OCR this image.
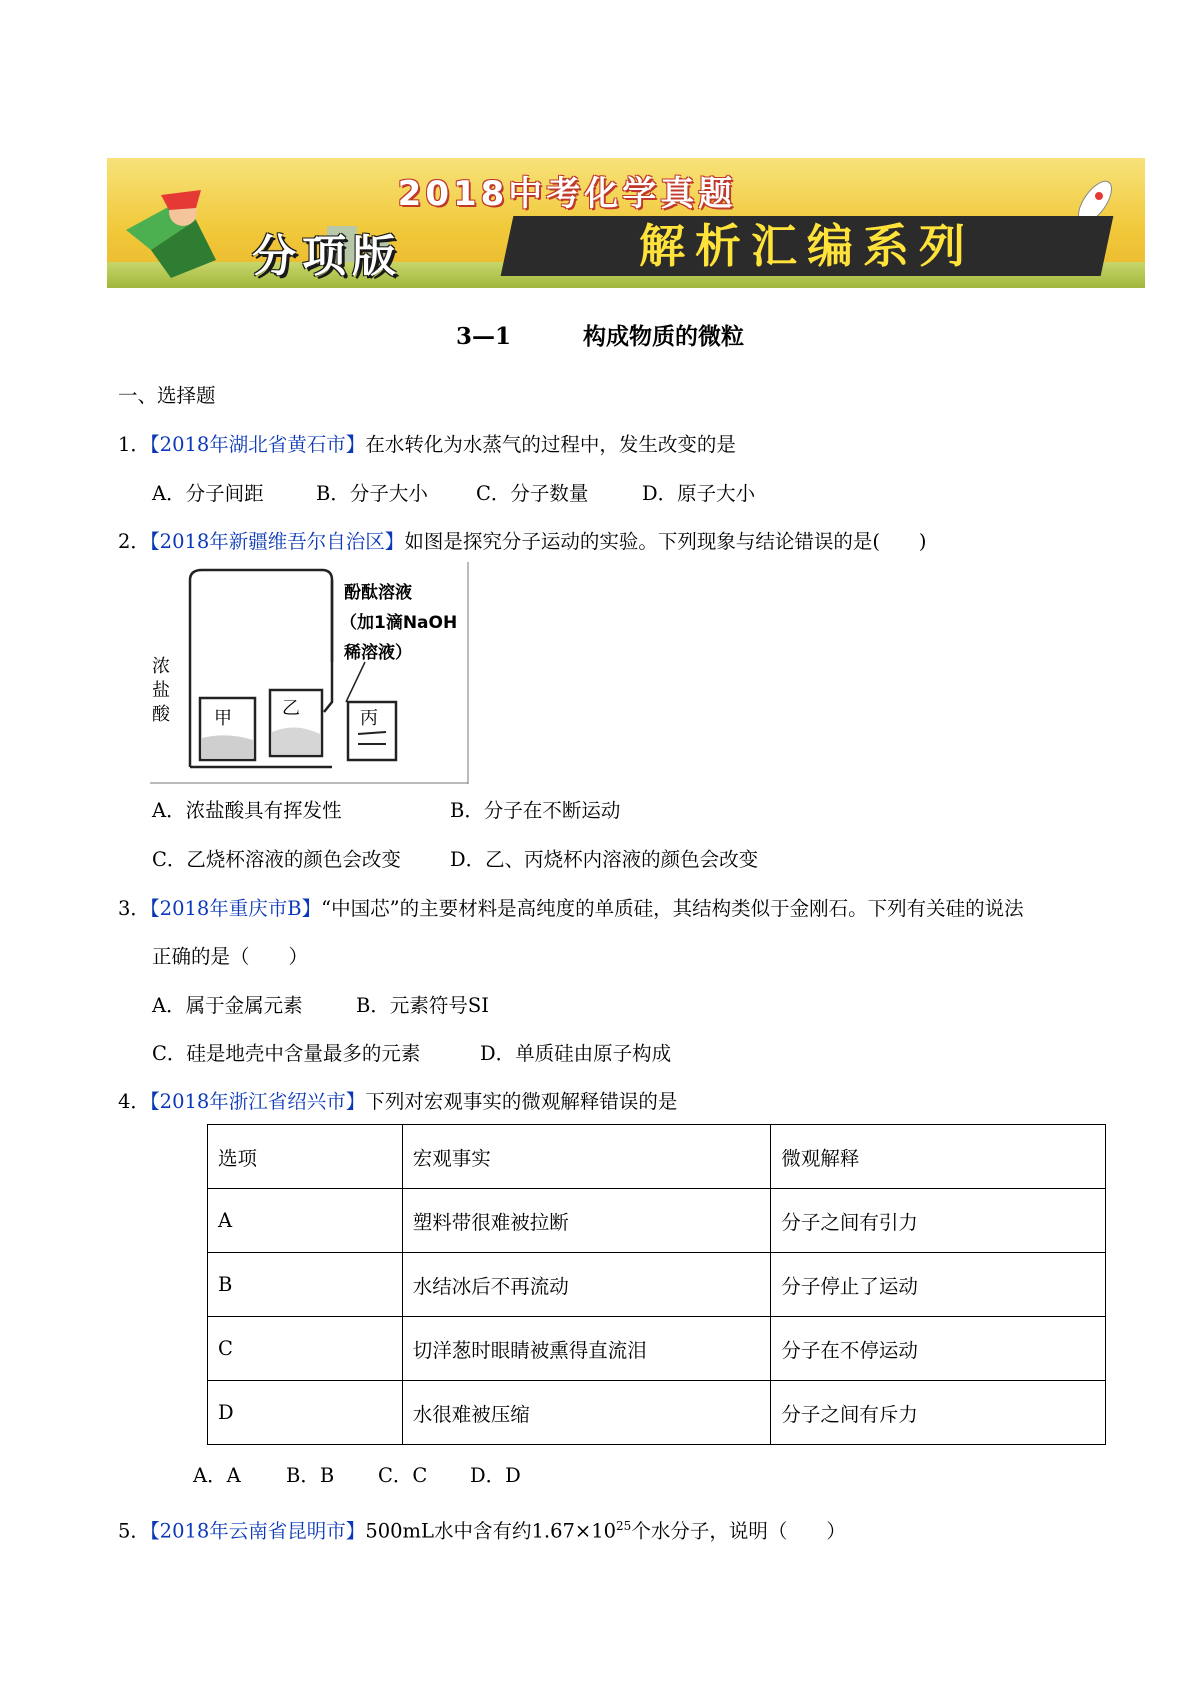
2018中考化学真题
分项版	解析汇编系列
3—1	构成物质的微粒
一、选择题
1．【2018年湖北省黄石市】在水转化为水蒸气的过程中，发生改变的是
A．分子间距	B．分子大小 C．分子数量	D．原子大小
2．【2018年新疆维吾尔自治区】如图是探究分子运动的实验。下列现象与结论错误的是(　　)
浓
盐
酸 甲	乙	丙
酚酞溶液
（加1滴NaOH
稀溶液）
A．浓盐酸具有挥发性	B．分子在不断运动
C．乙烧杯溶液的颜色会改变	D．乙、丙烧杯内溶液的颜色会改变
3．【2018年重庆市B】“中国芯”的主要材料是高纯度的单质硅，其结构类似于金刚石。下列有关硅的说法
正确的是（　　）
A．属于金属元素	B．元素符号SI
C．硅是地壳中含量最多的元素	D．单质硅由原子构成
4．【2018年浙江省绍兴市】下列对宏观事实的微观解释错误的是
选项	宏观事实	微观解释
A	塑料带很难被拉断	分子之间有引力
B	水结冰后不再流动	分子停止了运动
C	切洋葱时眼睛被熏得直流泪	分子在不停运动
D	水很难被压缩	分子之间有斥力
A．A B．B C．C D．D
5．【2018年云南省昆明市】500mL水中含有约$1.67\times 10^{25}$个水分子，说明（　　）
